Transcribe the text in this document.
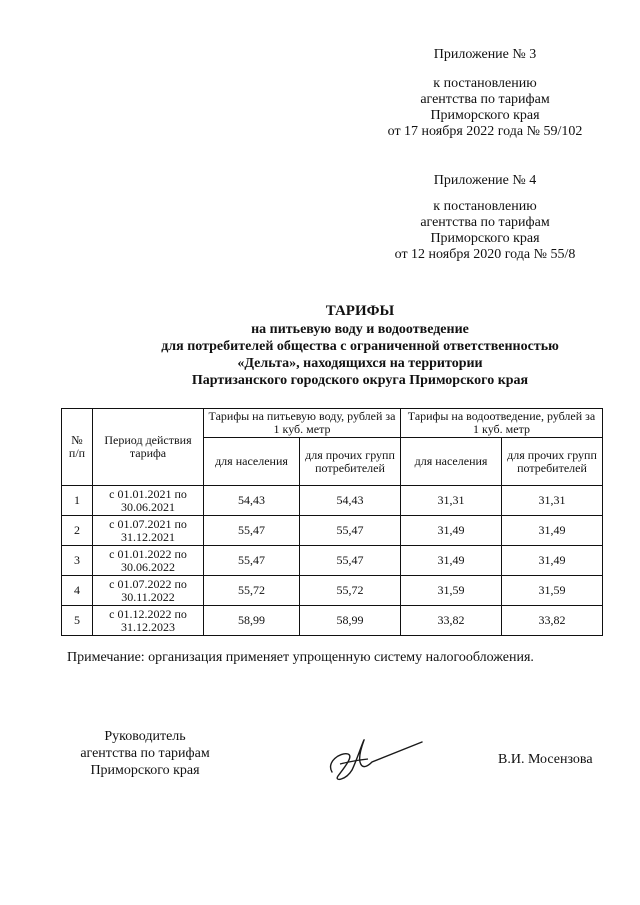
Приложение № 3
к постановлению
агентства по тарифам
Приморского края
от 17 ноября 2022 года № 59/102
Приложение № 4
к постановлению
агентства по тарифам
Приморского края
от 12 ноября 2020 года № 55/8
ТАРИФЫ
на питьевую воду и водоотведение
для потребителей общества с ограниченной ответственностью
«Дельта», находящихся на территории
Партизанского городского округа Приморского края
№ п/п	Период действия тарифа	Тарифы на питьевую воду, рублей за 1 куб. метр		Тарифы на водоотведение, рублей за 1 куб. метр	
		для населения	для прочих групп потребителей	для населения	для прочих групп потребителей
1	с 01.01.2021 по 30.06.2021	54,43	54,43	31,31	31,31
2	с 01.07.2021 по 31.12.2021	55,47	55,47	31,49	31,49
3	с 01.01.2022 по 30.06.2022	55,47	55,47	31,49	31,49
4	с 01.07.2022 по 30.11.2022	55,72	55,72	31,59	31,59
5	с 01.12.2022 по 31.12.2023	58,99	58,99	33,82	33,82
Примечание: организация применяет упрощенную систему налогообложения.
Руководитель
агентства по тарифам
Приморского края
В.И. Мосензова
